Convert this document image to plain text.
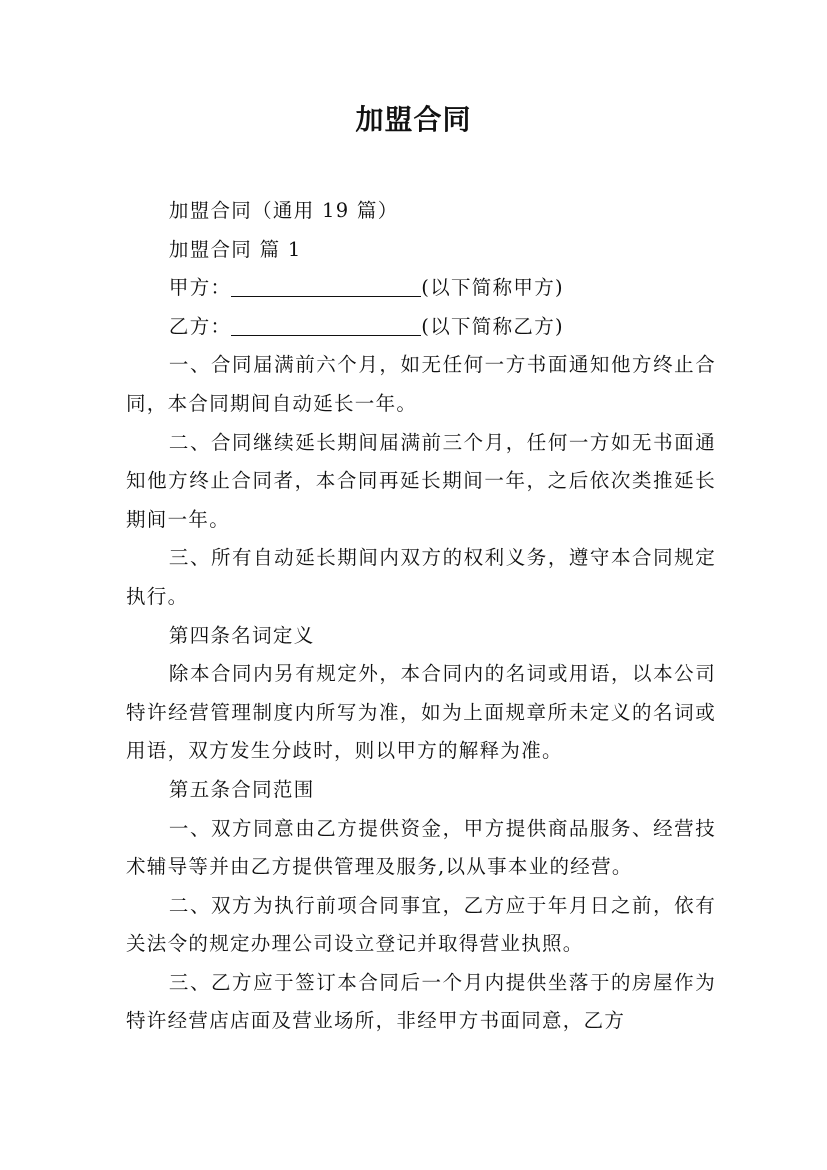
加盟合同

加盟合同（通用 19 篇）

加盟合同 篇 1

甲方：	(以下简称甲方)

乙方：	(以下简称乙方)

一、合同届满前六个月，如无任何一方书面通知他方终止合同，本合同期间自动延长一年。

二、合同继续延长期间届满前三个月，任何一方如无书面通知他方终止合同者，本合同再延长期间一年，之后依次类推延长期间一年。

三、所有自动延长期间内双方的权利义务，遵守本合同规定执行。

第四条名词定义

除本合同内另有规定外，本合同内的名词或用语，以本公司特许经营管理制度内所写为准，如为上面规章所未定义的名词或用语，双方发生分歧时，则以甲方的解释为准。

第五条合同范围

一、双方同意由乙方提供资金，甲方提供商品服务、经营技术辅导等并由乙方提供管理及服务,以从事本业的经营。

二、双方为执行前项合同事宜，乙方应于年月日之前，依有关法令的规定办理公司设立登记并取得营业执照。

三、乙方应于签订本合同后一个月内提供坐落于的房屋作为特许经营店店面及营业场所，非经甲方书面同意，乙方
